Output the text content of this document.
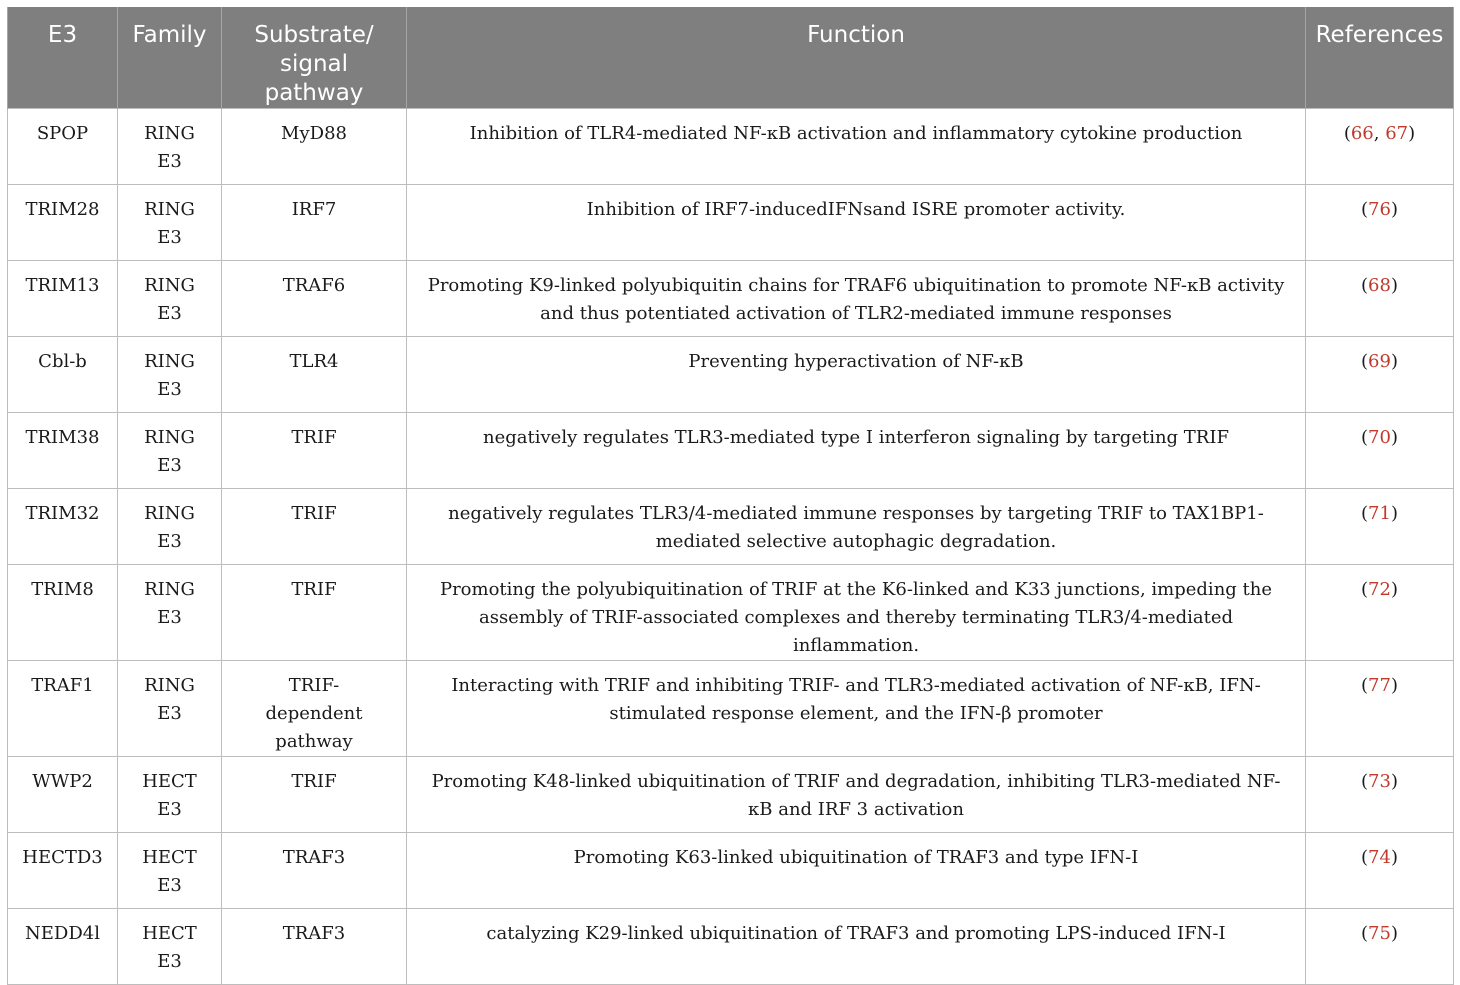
E3	Family	Substrate/ signal pathway	Function	References
SPOP	RING E3	MyD88	Inhibition of TLR4-mediated NF-κB activation and inflammatory cytokine production	(66, 67)
TRIM28	RING E3	IRF7	Inhibition of IRF7-inducedIFNsand ISRE promoter activity.	(76)
TRIM13	RING E3	TRAF6	Promoting K9-linked polyubiquitin chains for TRAF6 ubiquitination to promote NF-κB activity and thus potentiated activation of TLR2-mediated immune responses	(68)
Cbl-b	RING E3	TLR4	Preventing hyperactivation of NF-κB	(69)
TRIM38	RING E3	TRIF	negatively regulates TLR3-mediated type I interferon signaling by targeting TRIF	(70)
TRIM32	RING E3	TRIF	negatively regulates TLR3/4-mediated immune responses by targeting TRIF to TAX1BP1-mediated selective autophagic degradation.	(71)
TRIM8	RING E3	TRIF	Promoting the polyubiquitination of TRIF at the K6-linked and K33 junctions, impeding the assembly of TRIF-associated complexes and thereby terminating TLR3/4-mediated inflammation.	(72)
TRAF1	RING E3	TRIF-dependent pathway	Interacting with TRIF and inhibiting TRIF- and TLR3-mediated activation of NF-κB, IFN-stimulated response element, and the IFN-β promoter	(77)
WWP2	HECT E3	TRIF	Promoting K48-linked ubiquitination of TRIF and degradation, inhibiting TLR3-mediated NF-κB and IRF 3 activation	(73)
HECTD3	HECT E3	TRAF3	Promoting K63-linked ubiquitination of TRAF3 and type IFN-I	(74)
NEDD4l	HECT E3	TRAF3	catalyzing K29-linked ubiquitination of TRAF3 and promoting LPS-induced IFN-I	(75)
